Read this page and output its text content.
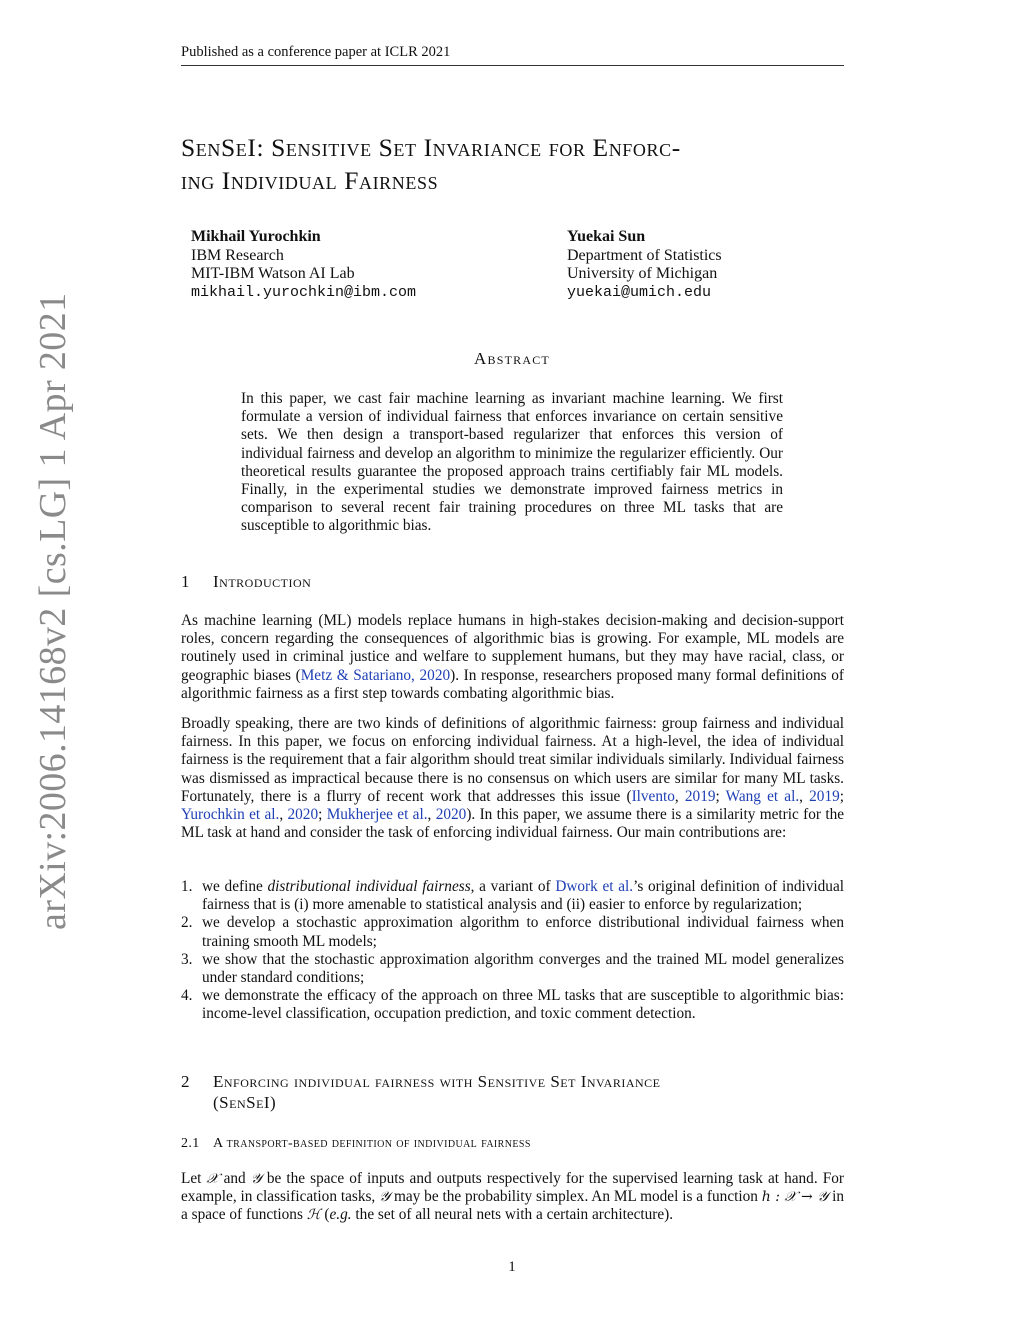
Published as a conference paper at ICLR 2021
arXiv:2006.14168v2 [cs.LG] 1 Apr 2021
SenSeI: Sensitive Set Invariance for Enforc-
ing Individual Fairness
Mikhail Yurochkin
IBM Research
MIT-IBM Watson AI Lab
mikhail.yurochkin@ibm.com
Yuekai Sun
Department of Statistics
University of Michigan
yuekai@umich.edu
Abstract
In this paper, we cast fair machine learning as invariant machine learning. We first formulate a version of individual fairness that enforces invariance on certain sensitive sets. We then design a transport-based regularizer that enforces this version of individual fairness and develop an algorithm to minimize the regularizer efficiently. Our theoretical results guarantee the proposed approach trains certifiably fair ML models. Finally, in the experimental studies we demonstrate improved fairness metrics in comparison to several recent fair training procedures on three ML tasks that are susceptible to algorithmic bias.
1 Introduction
As machine learning (ML) models replace humans in high-stakes decision-making and decision-support roles, concern regarding the consequences of algorithmic bias is growing. For example, ML models are routinely used in criminal justice and welfare to supplement humans, but they may have racial, class, or geographic biases (Metz & Satariano, 2020). In response, researchers proposed many formal definitions of algorithmic fairness as a first step towards combating algorithmic bias.
Broadly speaking, there are two kinds of definitions of algorithmic fairness: group fairness and individual fairness. In this paper, we focus on enforcing individual fairness. At a high-level, the idea of individual fairness is the requirement that a fair algorithm should treat similar individuals similarly. Individual fairness was dismissed as impractical because there is no consensus on which users are similar for many ML tasks. Fortunately, there is a flurry of recent work that addresses this issue (Ilvento, 2019; Wang et al., 2019; Yurochkin et al., 2020; Mukherjee et al., 2020). In this paper, we assume there is a similarity metric for the ML task at hand and consider the task of enforcing individual fairness. Our main contributions are:
1. we define distributional individual fairness, a variant of Dwork et al.’s original definition of individual fairness that is (i) more amenable to statistical analysis and (ii) easier to enforce by regularization;
2. we develop a stochastic approximation algorithm to enforce distributional individual fairness when training smooth ML models;
3. we show that the stochastic approximation algorithm converges and the trained ML model generalizes under standard conditions;
4. we demonstrate the efficacy of the approach on three ML tasks that are susceptible to algorithmic bias: income-level classification, occupation prediction, and toxic comment detection.
2 Enforcing individual fairness with Sensitive Set Invariance
(SenSeI)
2.1 A transport-based definition of individual fairness
Let 𝒳 and 𝒴 be the space of inputs and outputs respectively for the supervised learning task at hand. For example, in classification tasks, 𝒴 may be the probability simplex. An ML model is a function h : 𝒳 → 𝒴 in a space of functions ℋ (e.g. the set of all neural nets with a certain architecture).
1
